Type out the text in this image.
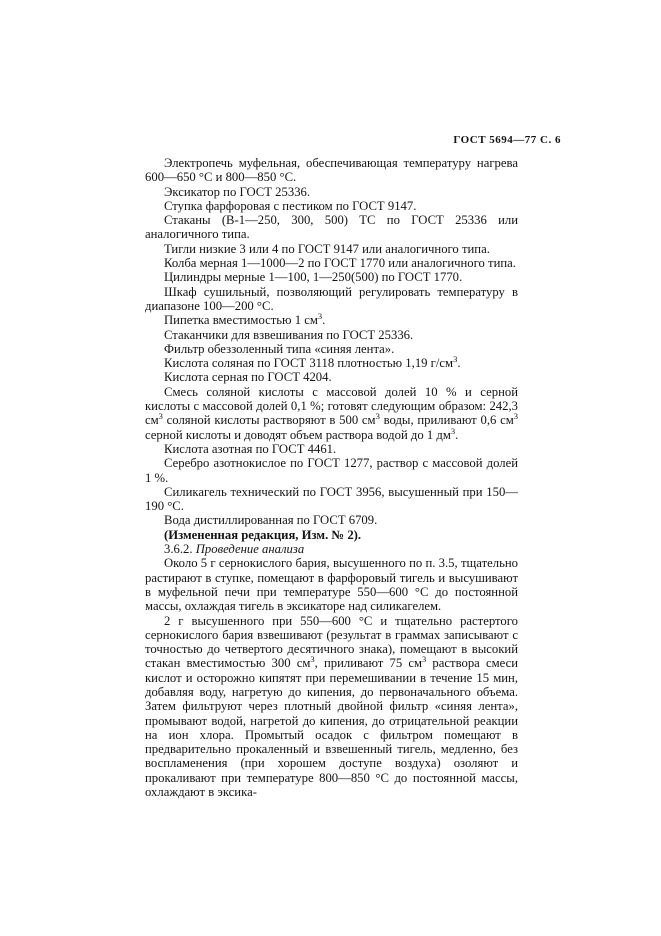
ГОСТ 5694—77 С. 6

Электропечь муфельная, обеспечивающая температуру нагрева 600—650 °С и 800—850 °С.

Эксикатор по ГОСТ 25336.

Ступка фарфоровая с пестиком по ГОСТ 9147.

Стаканы (В-1—250, 300, 500) ТС по ГОСТ 25336 или аналогичного типа.

Тигли низкие 3 или 4 по ГОСТ 9147 или аналогичного типа.

Колба мерная 1—1000—2 по ГОСТ 1770 или аналогичного типа.

Цилиндры мерные 1—100, 1—250(500) по ГОСТ 1770.

Шкаф сушильный, позволяющий регулировать температуру в диапазоне 100—200 °С.

Пипетка вместимостью 1 $см^3$.

Стаканчики для взвешивания по ГОСТ 25336.

Фильтр обеззоленный типа «синяя лента».

Кислота соляная по ГОСТ 3118 плотностью 1,19 $г/см^3$.

Кислота серная по ГОСТ 4204.

Смесь соляной кислоты с массовой долей 10 % и серной кислоты с массовой долей 0,1 %; готовят следующим образом: 242,3 $см^3$ соляной кислоты растворяют в 500 $см^3$ воды, приливают 0,6 $см^3$ серной кислоты и доводят объем раствора водой до 1 $дм^3$.

Кислота азотная по ГОСТ 4461.

Серебро азотнокислое по ГОСТ 1277, раствор с массовой долей 1 %.

Силикагель технический по ГОСТ 3956, высушенный при 150—190 °С.

Вода дистиллированная по ГОСТ 6709.

(Измененная редакция, Изм. № 2).

3.6.2. Проведение анализа

Около 5 г сернокислого бария, высушенного по п. 3.5, тщательно растирают в ступке, помещают в фарфоровый тигель и высушивают в муфельной печи при температуре 550—600 °С до постоянной массы, охлаждая тигель в эксикаторе над силикагелем.

2 г высушенного при 550—600 °С и тщательно растертого сернокислого бария взвешивают (результат в граммах записывают с точностью до четвертого десятичного знака), помещают в высокий стакан вместимостью 300 $см^3$, приливают 75 $см^3$ раствора смеси кислот и осторожно кипятят при перемешивании в течение 15 мин, добавляя воду, нагретую до кипения, до первоначального объема. Затем фильтруют через плотный двойной фильтр «синяя лента», промывают водой, нагретой до кипения, до отрицательной реакции на ион хлора. Промытый осадок с фильтром помещают в предварительно прокаленный и взвешенный тигель, медленно, без воспламенения (при хорошем доступе воздуха) озоляют и прокаливают при температуре 800—850 °С до постоянной массы, охлаждают в эксика-
